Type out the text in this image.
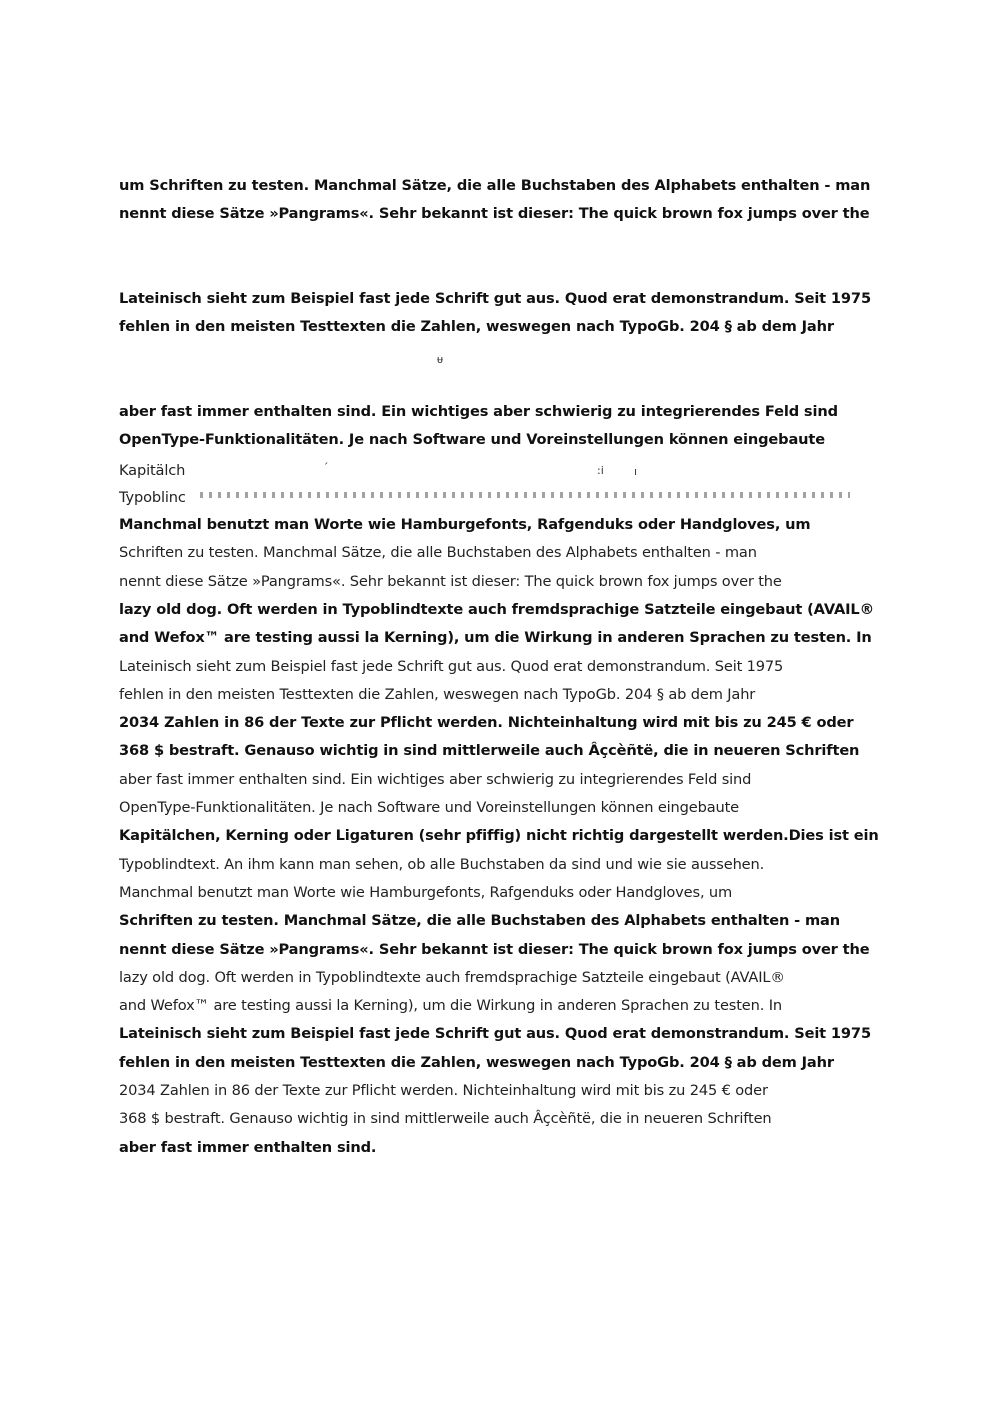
um Schriften zu testen. Manchmal Sätze, die alle Buchstaben des Alphabets enthalten - man
nennt diese Sätze »Pangrams«. Sehr bekannt ist dieser: The quick brown fox jumps over the
Lateinisch sieht zum Beispiel fast jede Schrift gut aus. Quod erat demonstrandum. Seit 1975
fehlen in den meisten Testtexten die Zahlen, weswegen nach TypoGb. 204 § ab dem Jahr
ᵾ
aber fast immer enthalten sind. Ein wichtiges aber schwierig zu integrierendes Feld sind
OpenType-Funktionalitäten. Je nach Software und Voreinstellungen können eingebaute
Kapitälch	ˊ	:i	ı
Typoblinc
Manchmal benutzt man Worte wie Hamburgefonts, Rafgenduks oder Handgloves, um
Schriften zu testen. Manchmal Sätze, die alle Buchstaben des Alphabets enthalten - man
nennt diese Sätze »Pangrams«. Sehr bekannt ist dieser: The quick brown fox jumps over the
lazy old dog. Oft werden in Typoblindtexte auch fremdsprachige Satzteile eingebaut (AVAIL®
and Wefox™ are testing aussi la Kerning), um die Wirkung in anderen Sprachen zu testen. In
Lateinisch sieht zum Beispiel fast jede Schrift gut aus. Quod erat demonstrandum. Seit 1975
fehlen in den meisten Testtexten die Zahlen, weswegen nach TypoGb. 204 § ab dem Jahr
2034 Zahlen in 86 der Texte zur Pflicht werden. Nichteinhaltung wird mit bis zu 245 € oder
368 $ bestraft. Genauso wichtig in sind mittlerweile auch Âçcèñtë, die in neueren Schriften
aber fast immer enthalten sind. Ein wichtiges aber schwierig zu integrierendes Feld sind
OpenType-Funktionalitäten. Je nach Software und Voreinstellungen können eingebaute
Kapitälchen, Kerning oder Ligaturen (sehr pfiffig) nicht richtig dargestellt werden.Dies ist ein
Typoblindtext. An ihm kann man sehen, ob alle Buchstaben da sind und wie sie aussehen.
Manchmal benutzt man Worte wie Hamburgefonts, Rafgenduks oder Handgloves, um
Schriften zu testen. Manchmal Sätze, die alle Buchstaben des Alphabets enthalten - man
nennt diese Sätze »Pangrams«. Sehr bekannt ist dieser: The quick brown fox jumps over the
lazy old dog. Oft werden in Typoblindtexte auch fremdsprachige Satzteile eingebaut (AVAIL®
and Wefox™ are testing aussi la Kerning), um die Wirkung in anderen Sprachen zu testen. In
Lateinisch sieht zum Beispiel fast jede Schrift gut aus. Quod erat demonstrandum. Seit 1975
fehlen in den meisten Testtexten die Zahlen, weswegen nach TypoGb. 204 § ab dem Jahr
2034 Zahlen in 86 der Texte zur Pflicht werden. Nichteinhaltung wird mit bis zu 245 € oder
368 $ bestraft. Genauso wichtig in sind mittlerweile auch Âçcèñtë, die in neueren Schriften
aber fast immer enthalten sind.
